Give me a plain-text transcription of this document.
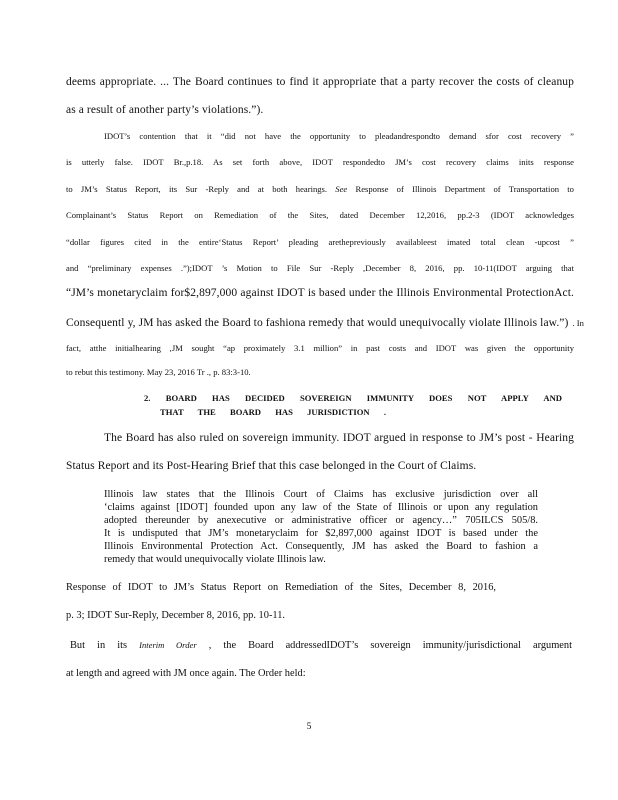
deems appropriate. ... The Board continues to find it appropriate that a party recover the costs of cleanup
as a result of another party’s violations.”).
IDOT’s contention that it “did not have the opportunity to pleadandrespondto demand sfor cost recovery ”
is utterly false. IDOT Br.,p.18. As set forth above, IDOT respondedto JM’s cost recovery claims inits response
to JM’s Status Report, its Sur -Reply and at both hearings. See Response of Illinois Department of Transportation to
Complainant’s Status Report on Remediation of the Sites, dated December 12,2016, pp.2-3 (IDOT acknowledges
“dollar figures cited in the entire‘Status Report’ pleading arethepreviously availableest imated total clean -upcost ”
and “preliminary expenses .”);IDOT ’s Motion to File Sur -Reply ,December 8, 2016, pp. 10-11(IDOT arguing that
“JM’s monetaryclaim for$2,897,000 against IDOT is based under the Illinois Environmental ProtectionAct.
Consequentl y, JM has asked the Board to fashiona remedy that would unequivocally violate Illinois law.”) . In
fact, atthe initialhearing ,JM sought “ap proximately 3.1 million” in past costs and IDOT was given the opportunity
to rebut this testimony. May 23, 2016 Tr ., p. 83:3-10.
2. BOARD HAS DECIDED SOVEREIGN IMMUNITY DOES NOT APPLY AND
THAT THE BOARD HAS JURISDICTION .
The Board has also ruled on sovereign immunity. IDOT argued in response to JM’s post - Hearing
Status Report and its Post-Hearing Brief that this case belonged in the Court of Claims.
Illinois law states that the Illinois Court of Claims has exclusive jurisdiction over all
‘claims against [IDOT] founded upon any law of the State of Illinois or upon any regulation
adopted thereunder by anexecutive or administrative officer or agency…” 705ILCS 505/8.
It is undisputed that JM’s monetaryclaim for $2,897,000 against IDOT is based under the
Illinois Environmental Protection Act. Consequently, JM has asked the Board to fashion a
remedy that would unequivocally violate Illinois law.
Response of IDOT to JM’s Status Report on Remediation of the Sites, December 8, 2016,
p. 3; IDOT Sur-Reply, December 8, 2016, pp. 10-11.
But in its Interim Order , the Board addressedIDOT’s sovereign immunity/jurisdictional argument
at length and agreed with JM once again. The Order held:
5
